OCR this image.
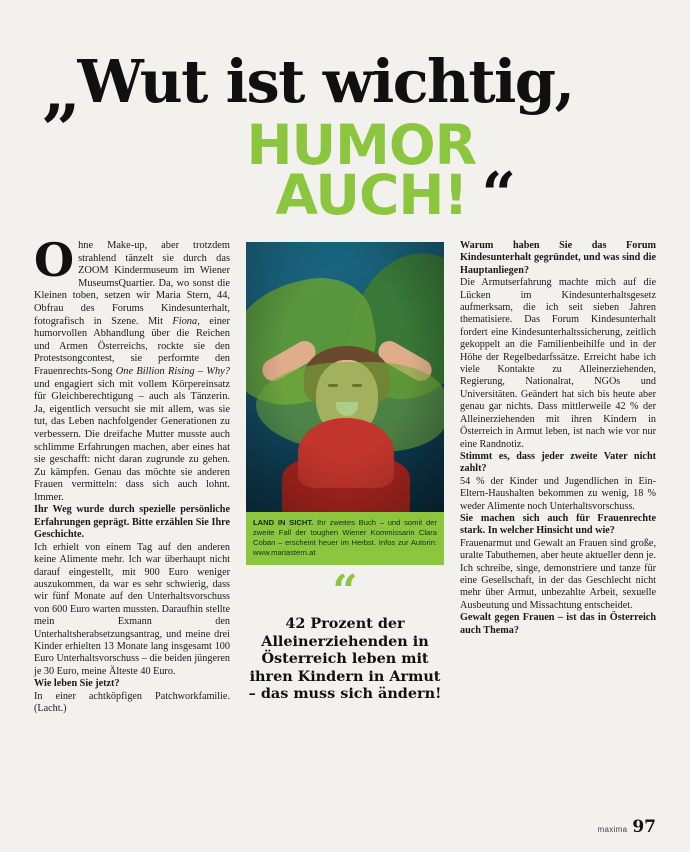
„Wut ist wichtig,
HUMOR
AUCH! “

Ohne Make-up, aber trotzdem strahlend tänzelt sie durch das ZOOM Kindermuseum im Wiener MuseumsQuartier. Da, wo sonst die Kleinen toben, setzen wir Maria Stern, 44, Obfrau des Forums Kindesunterhalt, fotografisch in Szene. Mit Fiona, einer humorvollen Abhandlung über die Reichen und Armen Österreichs, rockte sie den Protestsongcontest, sie performte den Frauenrechts-Song One Billion Rising – Why? und engagiert sich mit vollem Körpereinsatz für Gleichberechtigung – auch als Tänzerin. Ja, eigentlich versucht sie mit allem, was sie tut, das Leben nachfolgender Generationen zu verbessern. Die dreifache Mutter musste auch schlimme Erfahrungen machen, aber eines hat sie geschafft: nicht daran zugrunde zu gehen. Zu kämpfen. Genau das möchte sie anderen Frauen vermitteln: dass sich auch lohnt. Immer.

Ihr Weg wurde durch spezielle persönliche Erfahrungen geprägt. Bitte erzählen Sie Ihre Geschichte.

Ich erhielt von einem Tag auf den anderen keine Alimente mehr. Ich war überhaupt nicht darauf eingestellt, mit 900 Euro weniger auszukommen, da war es sehr schwierig, dass wir fünf Monate auf den Unterhaltsvorschuss von 600 Euro warten mussten. Daraufhin stellte mein Exmann den Unterhaltsherabsetzungsantrag, und meine drei Kinder erhielten 13 Monate lang insgesamt 100 Euro Unterhaltsvorschuss – die beiden jüngeren je 30 Euro, meine Älteste 40 Euro.

Wie leben Sie jetzt?

In einer achtköpfigen Patchworkfamilie. (Lacht.)

LAND IN SICHT. Ihr zweites Buch – und somit der zweite Fall der toughen Wiener Kommissarin Clara Coban – erscheint heuer im Herbst. Infos zur Autorin: www.mariastern.at
“
42 Prozent der Alleinerziehenden in Österreich leben mit ihren Kindern in Armut – das muss sich ändern!

Warum haben Sie das Forum Kindesunterhalt gegründet, und was sind die Hauptanliegen?

Die Armutserfahrung machte mich auf die Lücken im Kindesunterhaltsgesetz aufmerksam, die ich seit sieben Jahren thematisiere. Das Forum Kindesunterhalt fordert eine Kindesunterhaltssicherung, zeitlich gekoppelt an die Familienbeihilfe und in der Höhe der Regelbedarfssätze. Erreicht habe ich viele Kontakte zu Alleinerziehenden, Regierung, Nationalrat, NGOs und Universitäten. Geändert hat sich bis heute aber genau gar nichts. Dass mittlerweile 42 % der Alleinerziehenden mit ihren Kindern in Österreich in Armut leben, ist nach wie vor nur eine Randnotiz.

Stimmt es, dass jeder zweite Vater nicht zahlt?

54 % der Kinder und Jugendlichen in Ein-Eltern-Haushalten bekommen zu wenig, 18 % weder Alimente noch Unterhaltsvorschuss.

Sie machen sich auch für Frauenrechte stark. In welcher Hinsicht und wie?

Frauenarmut und Gewalt an Frauen sind große, uralte Tabuthemen, aber heute aktueller denn je. Ich schreibe, singe, demonstriere und tanze für eine Gesellschaft, in der das Geschlecht nicht mehr über Armut, unbezahlte Arbeit, sexuelle Ausbeutung und Missachtung entscheidet.

Gewalt gegen Frauen – ist das in Österreich auch Thema?

maxima 97
